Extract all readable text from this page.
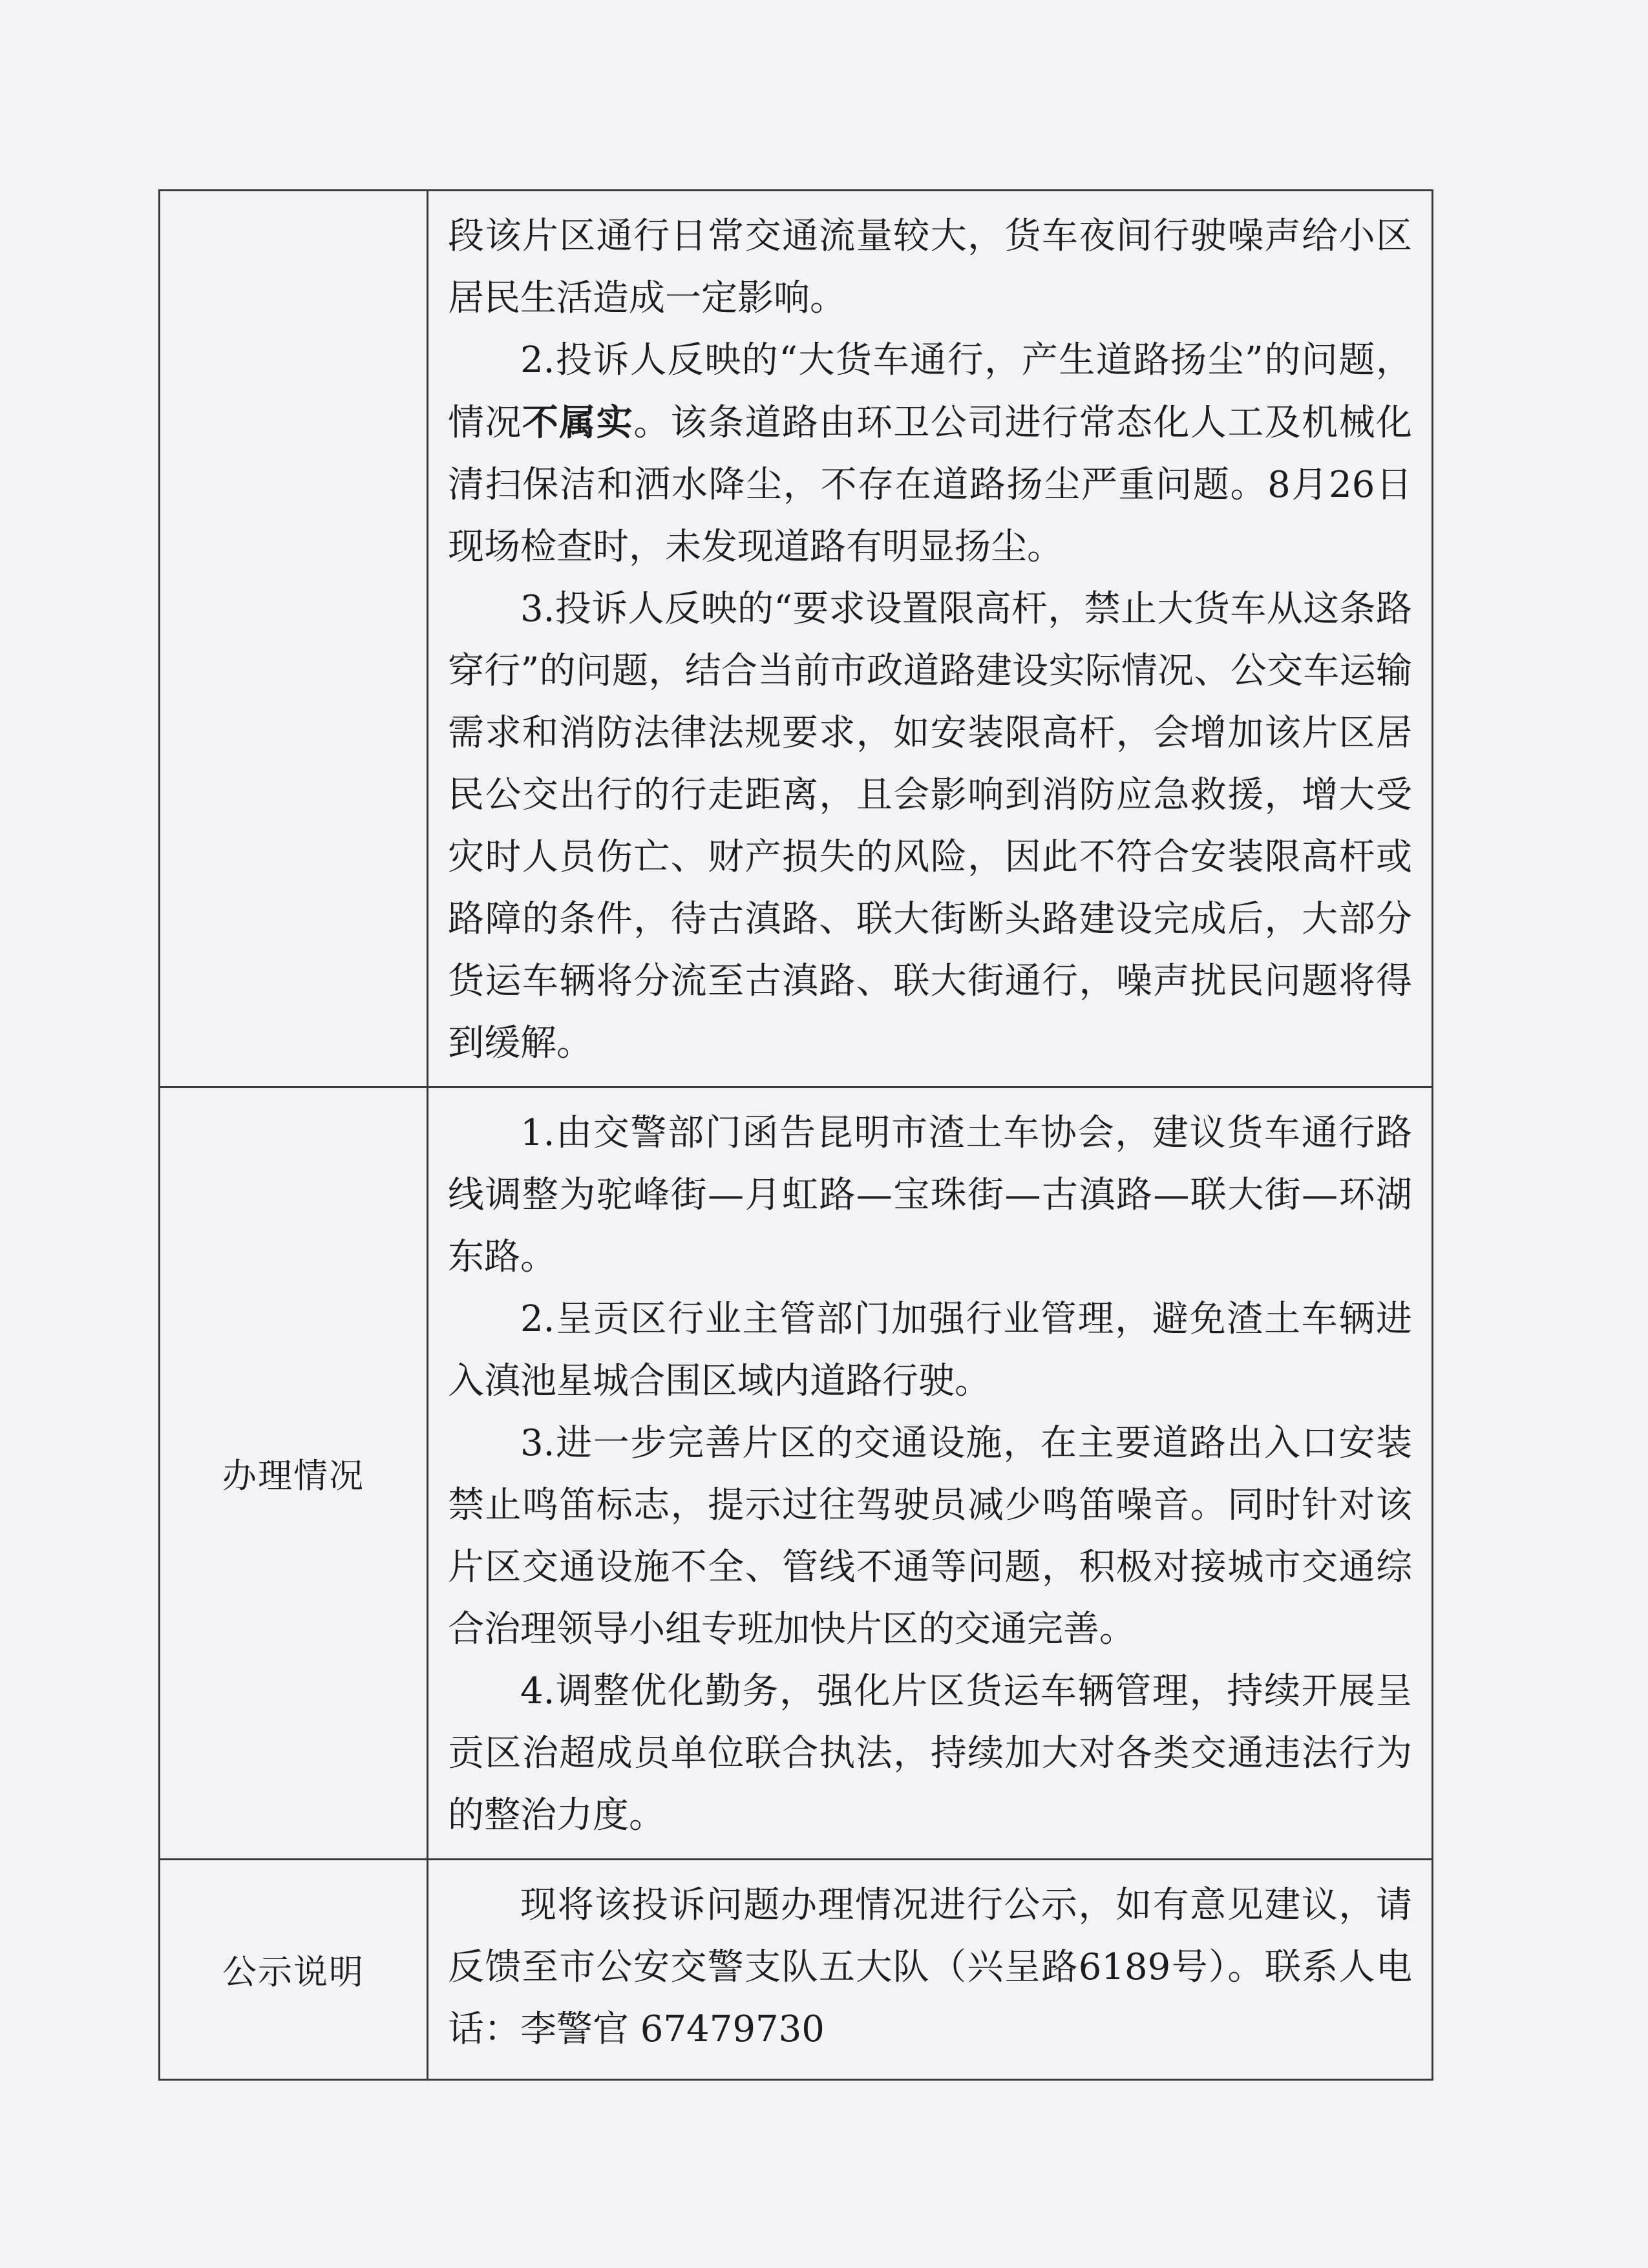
	段该片区通行日常交通流量较大，货车夜间行驶噪声给小区居民生活造成一定影响。

2.投诉人反映的“大货车通行，产生道路扬尘”的问题，情况不属实。该条道路由环卫公司进行常态化人工及机械化清扫保洁和洒水降尘，不存在道路扬尘严重问题。8月26日现场检查时，未发现道路有明显扬尘。

3.投诉人反映的“要求设置限高杆，禁止大货车从这条路穿行”的问题，结合当前市政道路建设实际情况、公交车运输需求和消防法律法规要求，如安装限高杆，会增加该片区居民公交出行的行走距离，且会影响到消防应急救援，增大受灾时人员伤亡、财产损失的风险，因此不符合安装限高杆或路障的条件，待古滇路、联大街断头路建设完成后，大部分货运车辆将分流至古滇路、联大街通行，噪声扰民问题将得到缓解。

办理情况	1.由交警部门函告昆明市渣土车协会，建议货车通行路线调整为驼峰街—月虹路—宝珠街—古滇路—联大街—环湖东路。

2.呈贡区行业主管部门加强行业管理，避免渣土车辆进入滇池星城合围区域内道路行驶。

3.进一步完善片区的交通设施，在主要道路出入口安装禁止鸣笛标志，提示过往驾驶员减少鸣笛噪音。同时针对该片区交通设施不全、管线不通等问题，积极对接城市交通综合治理领导小组专班加快片区的交通完善。

4.调整优化勤务，强化片区货运车辆管理，持续开展呈贡区治超成员单位联合执法，持续加大对各类交通违法行为的整治力度。

公示说明	现将该投诉问题办理情况进行公示，如有意见建议，请反馈至市公安交警支队五大队（兴呈路6189号）。联系人电话：李警官 67479730
